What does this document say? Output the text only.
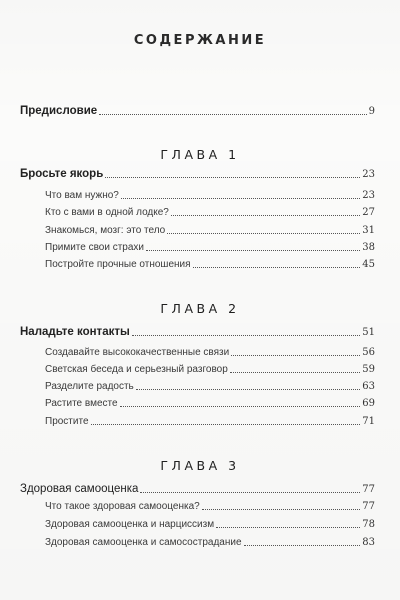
СОДЕРЖАНИЕ
Предисловие	9
ГЛАВА 1
Бросьте якорь	23
Что вам нужно?	23
Кто с вами в одной лодке?	27
Знакомься, мозг: это тело	31
Примите свои страхи	38
Постройте прочные отношения	45
ГЛАВА 2
Наладьте контакты	51
Создавайте высококачественные связи	56
Светская беседа и серьезный разговор	59
Разделите радость	63
Растите вместе	69
Простите	71
ГЛАВА 3
Здоровая самооценка	77
Что такое здоровая самооценка?	77
Здоровая самооценка и нарциссизм	78
Здоровая самооценка и самосострадание	83
